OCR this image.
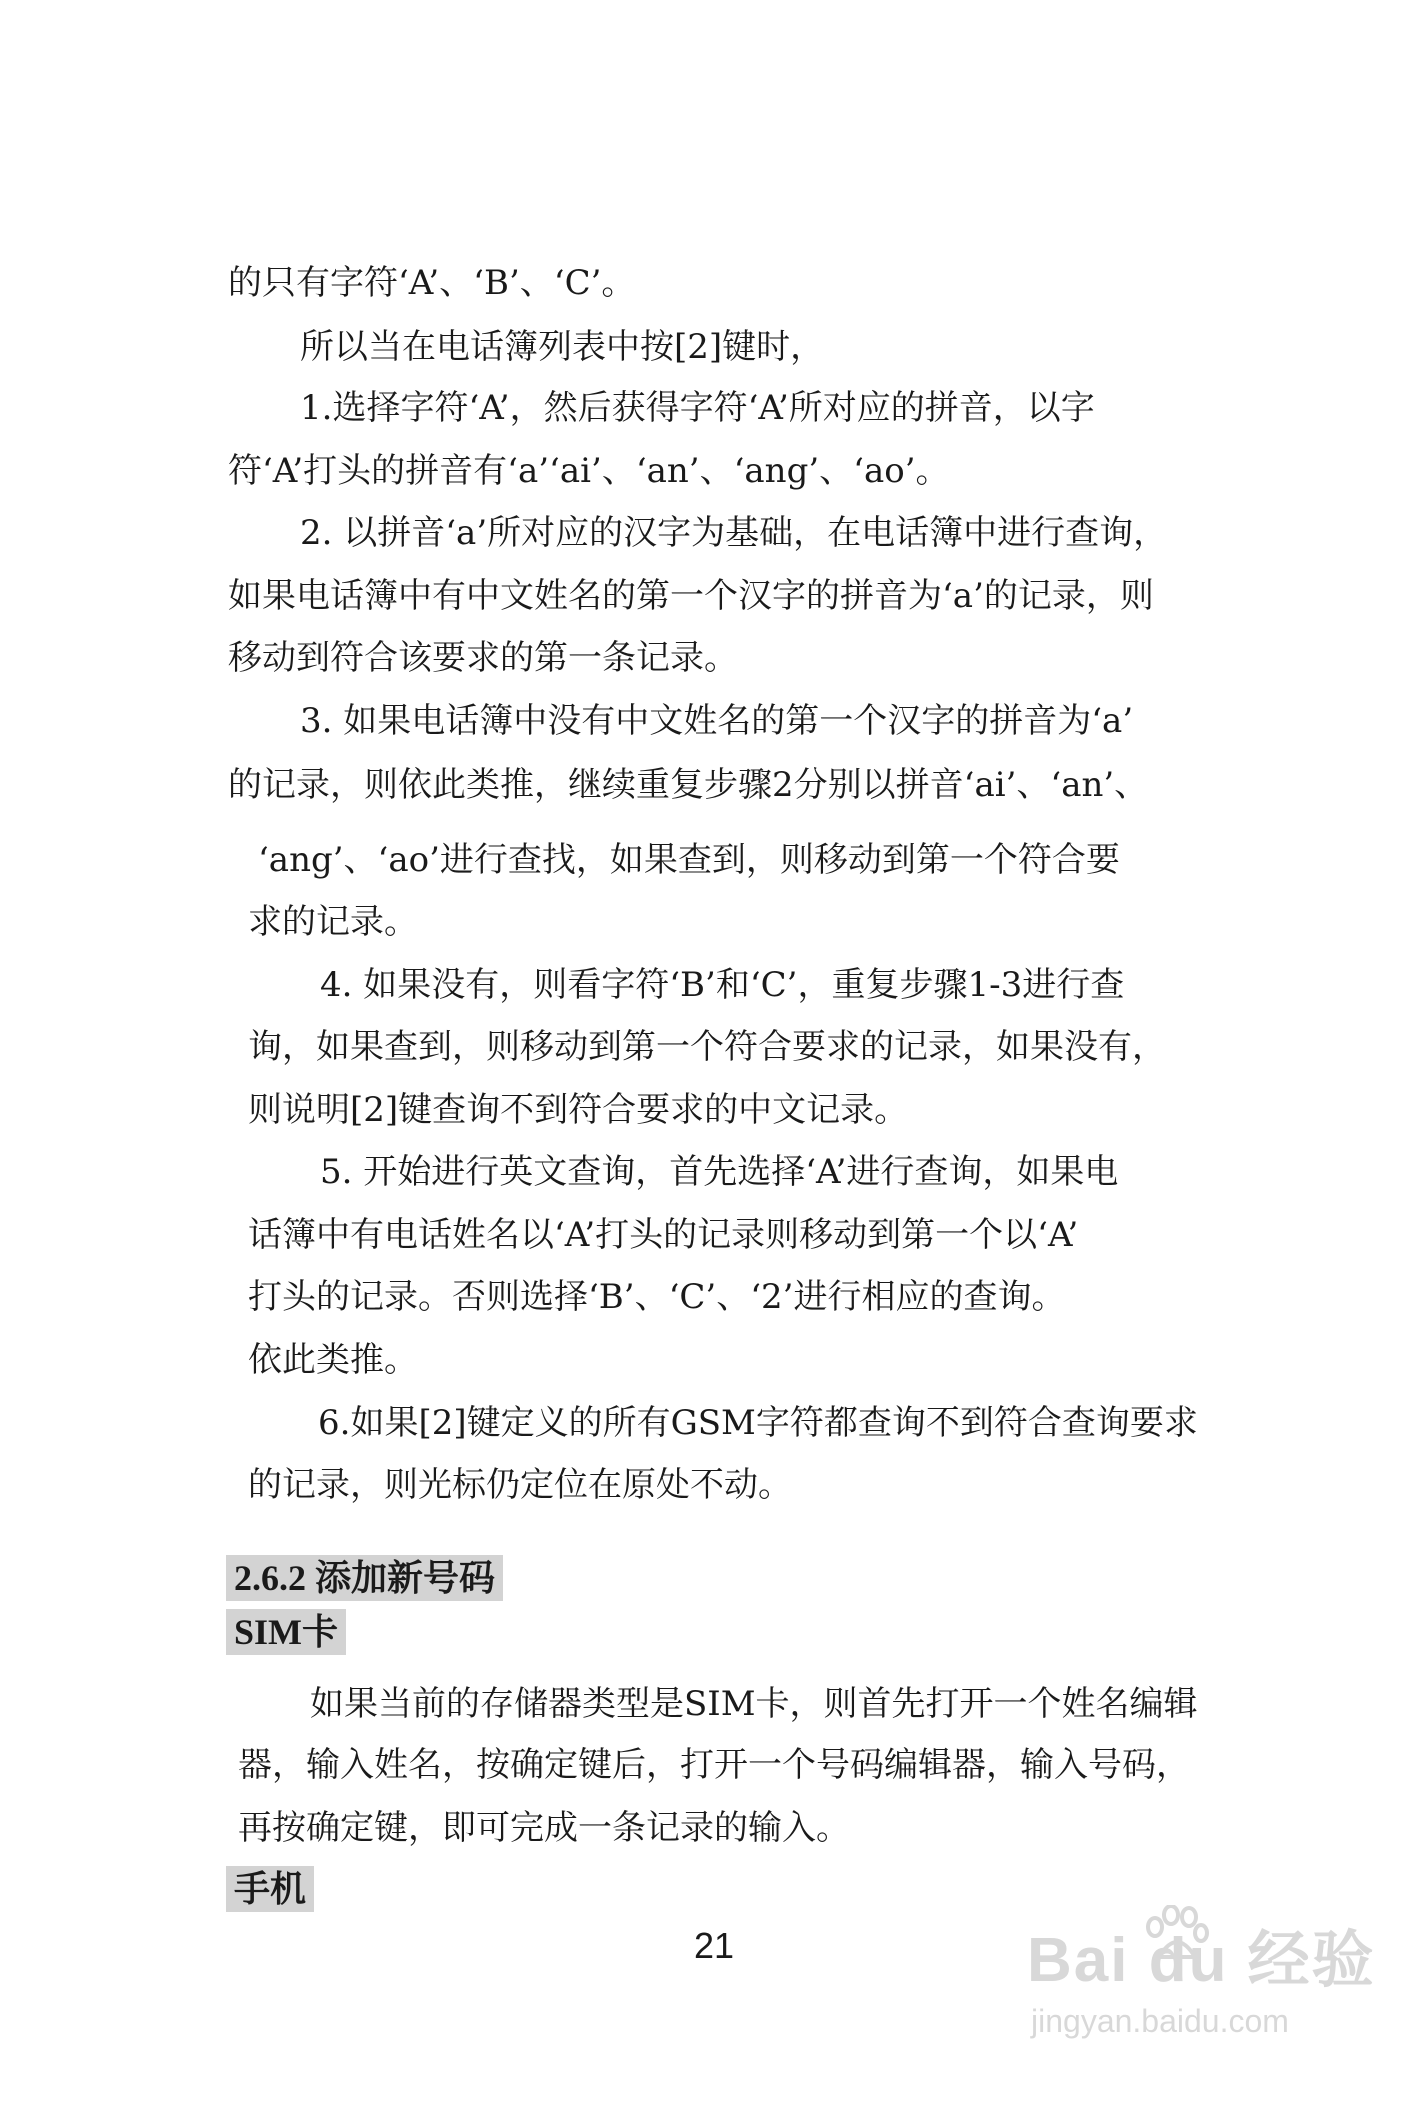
的只有字符‘A’、‘B’、‘C’。
所以当在电话簿列表中按[2]键时，
1.选择字符‘A’，然后获得字符‘A’所对应的拼音，以字
符‘A’打头的拼音有‘a’‘ai’、‘an’、‘ang’、‘ao’。
2. 以拼音‘a’所对应的汉字为基础，在电话簿中进行查询，
如果电话簿中有中文姓名的第一个汉字的拼音为‘a’的记录，则
移动到符合该要求的第一条记录。
3. 如果电话簿中没有中文姓名的第一个汉字的拼音为‘a’
的记录，则依此类推，继续重复步骤2分别以拼音‘ai’、‘an’、
‘ang’、‘ao’进行查找，如果查到，则移动到第一个符合要
求的记录。
4. 如果没有，则看字符‘B’和‘C’，重复步骤1-3进行查
询，如果查到，则移动到第一个符合要求的记录，如果没有，
则说明[2]键查询不到符合要求的中文记录。
5. 开始进行英文查询，首先选择‘A’进行查询，如果电
话簿中有电话姓名以‘A’打头的记录则移动到第一个以‘A’
打头的记录。否则选择‘B’、‘C’、‘2’进行相应的查询。
依此类推。
6.如果[2]键定义的所有GSM字符都查询不到符合查询要求
的记录，则光标仍定位在原处不动。
2.6.2 添加新号码
SIM卡
如果当前的存储器类型是SIM卡，则首先打开一个姓名编辑
器，输入姓名，按确定键后，打开一个号码编辑器，输入号码，
再按确定键，即可完成一条记录的输入。
手机
21	Bai du 经验
jingyan.baidu.com
